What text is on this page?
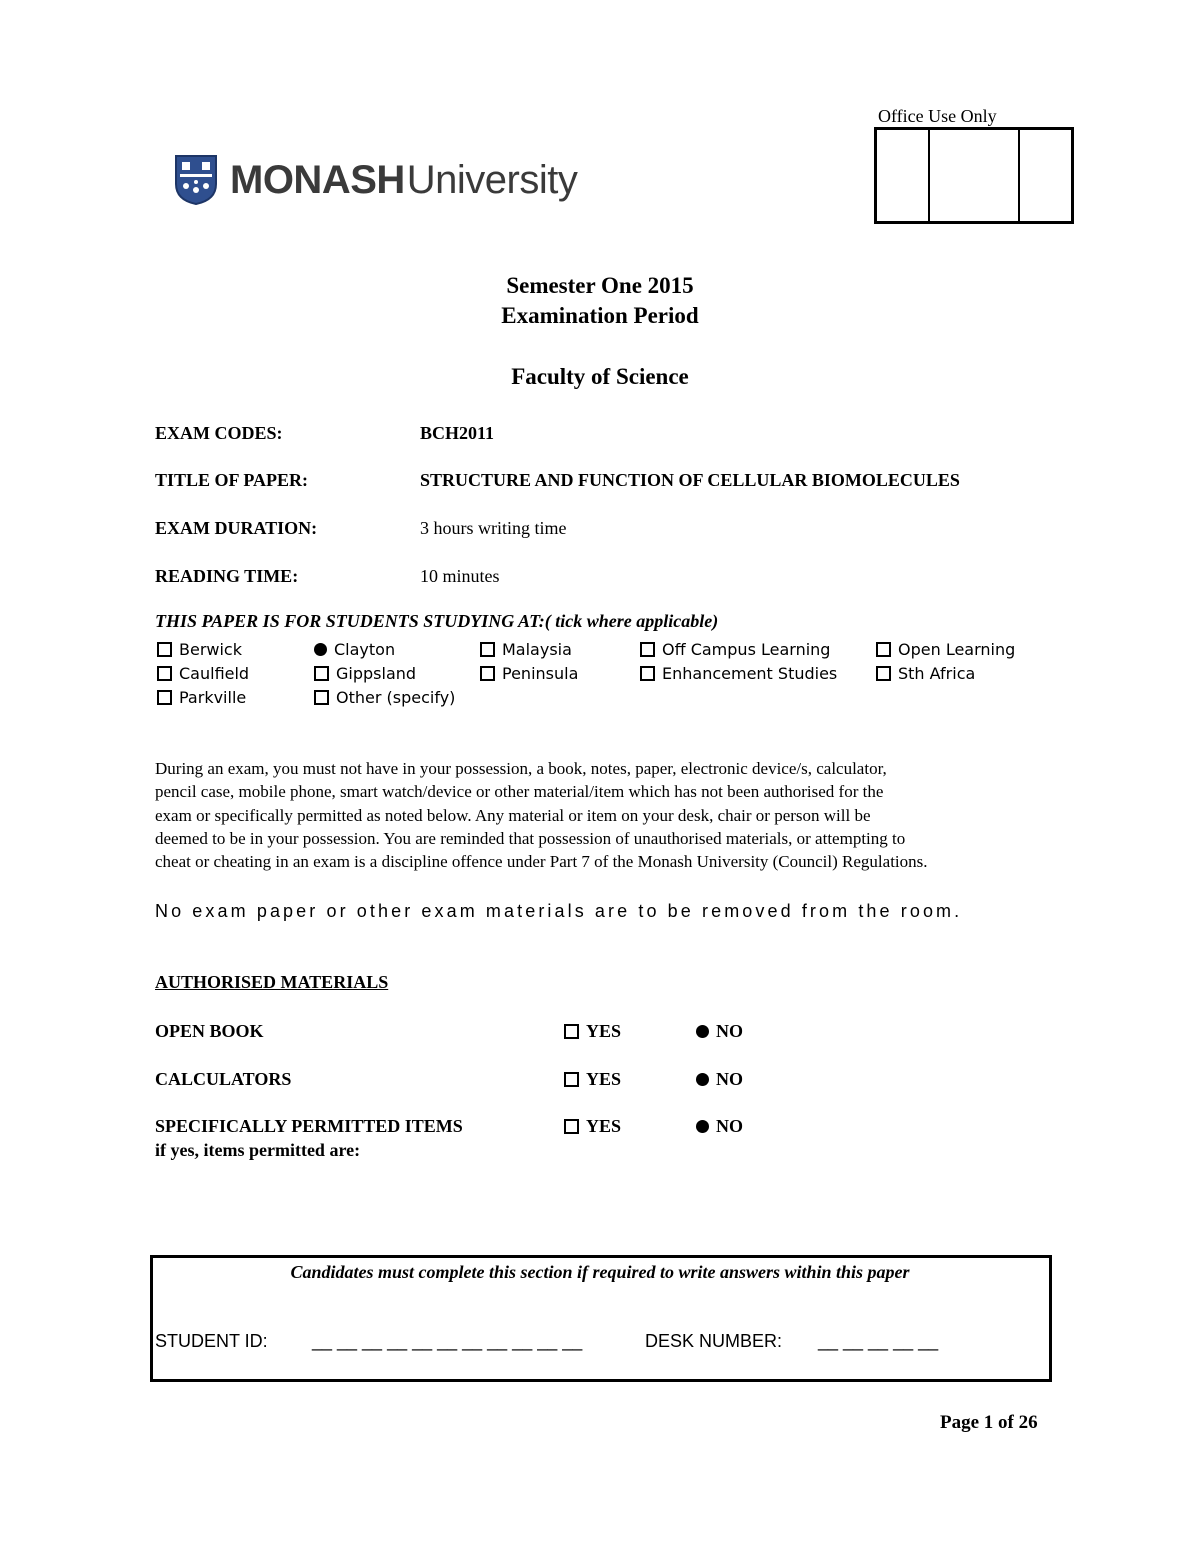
MONASH University
Office Use Only
Semester One 2015
Examination Period
Faculty of Science
EXAM CODES:	BCH2011
TITLE OF PAPER:	STRUCTURE AND FUNCTION OF CELLULAR BIOMOLECULES
EXAM DURATION:	3 hours writing time
READING TIME:	10 minutes
THIS PAPER IS FOR STUDENTS STUDYING AT:( tick where applicable)
Berwick	Clayton	Malaysia	Off Campus Learning	Open Learning
Caulfield	Gippsland	Peninsula	Enhancement Studies	Sth Africa
Parkville	Other (specify)
During an exam, you must not have in your possession, a book, notes, paper, electronic device/s, calculator,
pencil case, mobile phone, smart watch/device or other material/item which has not been authorised for the
exam or specifically permitted as noted below. Any material or item on your desk, chair or person will be
deemed to be in your possession. You are reminded that possession of unauthorised materials, or attempting to
cheat or cheating in an exam is a discipline offence under Part 7 of the Monash University (Council) Regulations.
No exam paper or other exam materials are to be removed from the room.
AUTHORISED MATERIALS
OPEN BOOK	YES	NO
CALCULATORS	YES	NO
SPECIFICALLY PERMITTED ITEMS	YES	NO
if yes, items permitted are:
Candidates must complete this section if required to write answers within this paper
STUDENT ID: __ __ __ __ __ __ __ __ __ __ __	DESK NUMBER: __ __ __ __ __
Page 1 of 26
